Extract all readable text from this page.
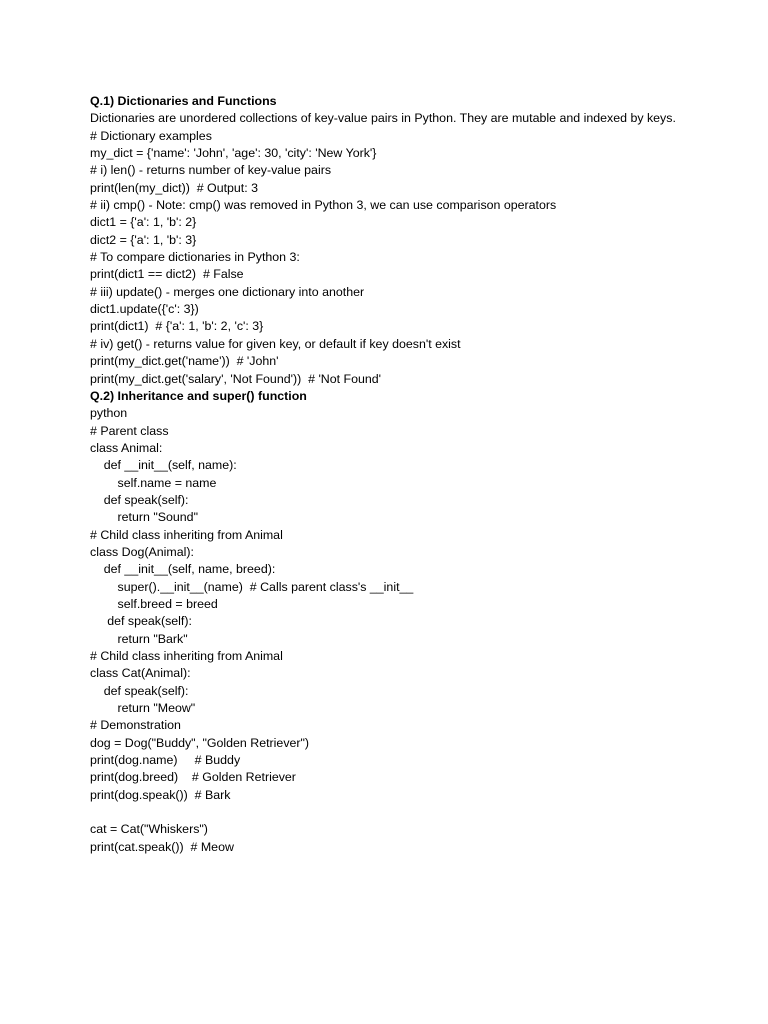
Q.1) Dictionaries and Functions
Dictionaries are unordered collections of key-value pairs in Python. They are mutable and indexed by keys.
# Dictionary examples
my_dict = {'name': 'John', 'age': 30, 'city': 'New York'}
# i) len() - returns number of key-value pairs
print(len(my_dict))  # Output: 3
# ii) cmp() - Note: cmp() was removed in Python 3, we can use comparison operators
dict1 = {'a': 1, 'b': 2}
dict2 = {'a': 1, 'b': 3}
# To compare dictionaries in Python 3:
print(dict1 == dict2)  # False
# iii) update() - merges one dictionary into another
dict1.update({'c': 3})
print(dict1)  # {'a': 1, 'b': 2, 'c': 3}
# iv) get() - returns value for given key, or default if key doesn't exist
print(my_dict.get('name'))  # 'John'
print(my_dict.get('salary', 'Not Found'))  # 'Not Found'
Q.2) Inheritance and super() function
python
# Parent class
class Animal:
def __init__(self, name):
self.name = name
def speak(self):
return "Sound"
# Child class inheriting from Animal
class Dog(Animal):
def __init__(self, name, breed):
super().__init__(name)  # Calls parent class's __init__
self.breed = breed
def speak(self):
return "Bark"
# Child class inheriting from Animal
class Cat(Animal):
def speak(self):
return "Meow"
# Demonstration
dog = Dog("Buddy", "Golden Retriever")
print(dog.name)     # Buddy
print(dog.breed)    # Golden Retriever
print(dog.speak())  # Bark
cat = Cat("Whiskers")
print(cat.speak())  # Meow
